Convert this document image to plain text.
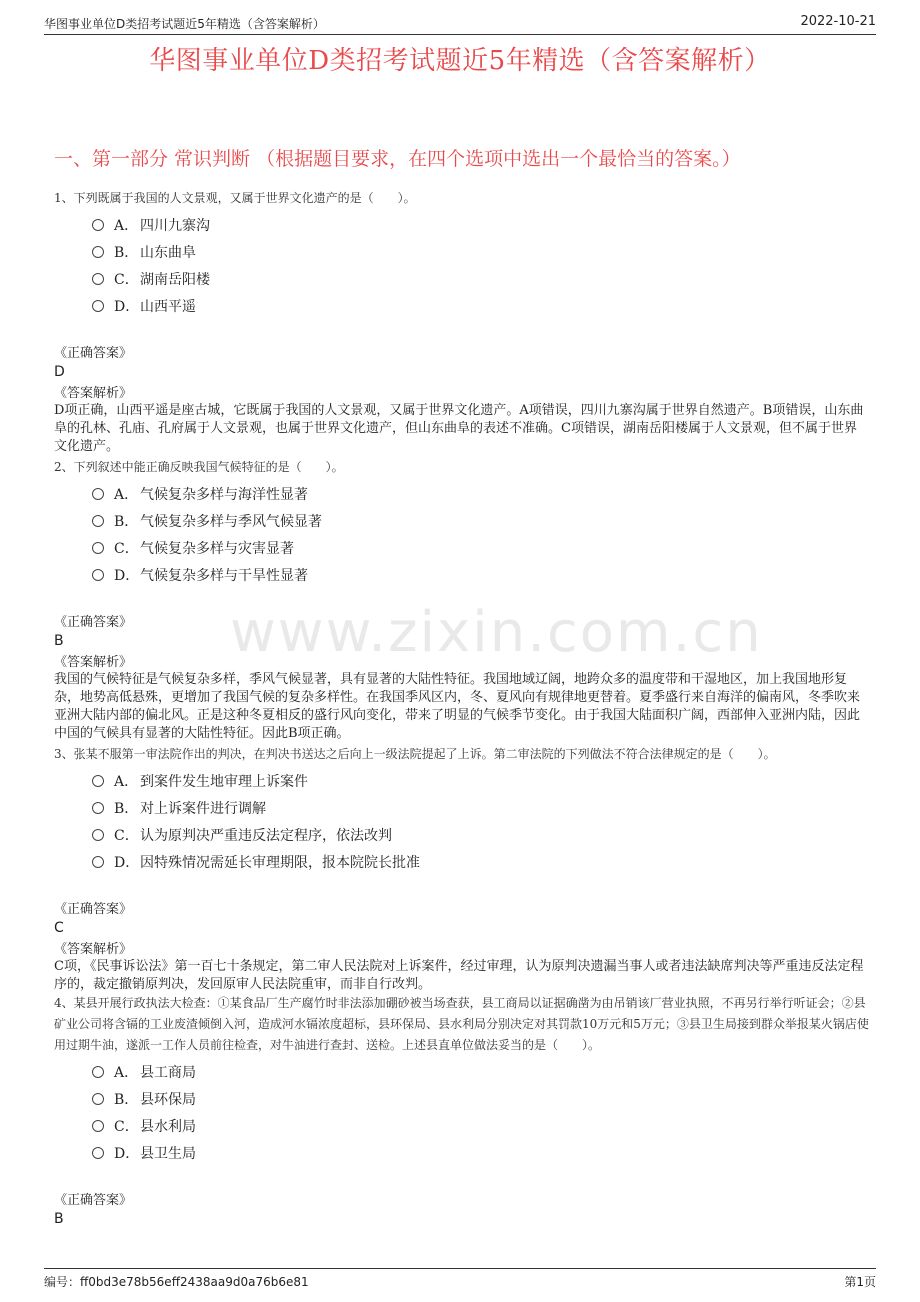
华图事业单位D类招考试题近5年精选（含答案解析）	2022-10-21
华图事业单位D类招考试题近5年精选（含答案解析）
一、第一部分 常识判断 （根据题目要求，在四个选项中选出一个最恰当的答案。）
www.zixin.com.cn
1、下列既属于我国的人文景观，又属于世界文化遗产的是（　　）。
A． 四川九寨沟
B． 山东曲阜
C．湖南岳阳楼
D．山西平遥
《正确答案》
D
《答案解析》
D项正确，山西平遥是座古城，它既属于我国的人文景观，又属于世界文化遗产。A项错误，四川九寨沟属于世界自然遗产。B项错误，山东曲阜的孔林、孔庙、孔府属于人文景观，也属于世界文化遗产，但山东曲阜的表述不准确。C项错误，湖南岳阳楼属于人文景观，但不属于世界文化遗产。
2、下列叙述中能正确反映我国气候特征的是（　　）。
A． 气候复杂多样与海洋性显著
B． 气候复杂多样与季风气候显著
C．气候复杂多样与灾害显著
D．气候复杂多样与干旱性显著
《正确答案》
B
《答案解析》
我国的气候特征是气候复杂多样，季风气候显著，具有显著的大陆性特征。我国地域辽阔，地跨众多的温度带和干湿地区，加上我国地形复杂，地势高低悬殊，更增加了我国气候的复杂多样性。在我国季风区内，冬、夏风向有规律地更替着。夏季盛行来自海洋的偏南风，冬季吹来亚洲大陆内部的偏北风。正是这种冬夏相反的盛行风向变化，带来了明显的气候季节变化。由于我国大陆面积广阔，西部伸入亚洲内陆，因此中国的气候具有显著的大陆性特征。因此B项正确。
3、张某不服第一审法院作出的判决，在判决书送达之后向上一级法院提起了上诉。第二审法院的下列做法不符合法律规定的是（　　）。
A． 到案件发生地审理上诉案件
B． 对上诉案件进行调解
C．认为原判决严重违反法定程序，依法改判
D．因特殊情况需延长审理期限，报本院院长批准
《正确答案》
C
《答案解析》
C项，《民事诉讼法》第一百七十条规定，第二审人民法院对上诉案件，经过审理，认为原判决遗漏当事人或者违法缺席判决等严重违反法定程序的，裁定撤销原判决，发回原审人民法院重审，而非自行改判。
4、某县开展行政执法大检查：①某食品厂生产腐竹时非法添加硼砂被当场查获，县工商局以证据确凿为由吊销该厂营业执照，不再另行举行听证会；②县矿业公司将含镉的工业废渣倾倒入河，造成河水镉浓度超标，县环保局、县水利局分别决定对其罚款10万元和5万元；③县卫生局接到群众举报某火锅店使用过期牛油，遂派一工作人员前往检查，对牛油进行查封、送检。上述县直单位做法妥当的是（　　）。
A． 县工商局
B． 县环保局
C．县水利局
D．县卫生局
《正确答案》
B
编号：ff0bd3e78b56eff2438aa9d0a76b6e81	第1页
